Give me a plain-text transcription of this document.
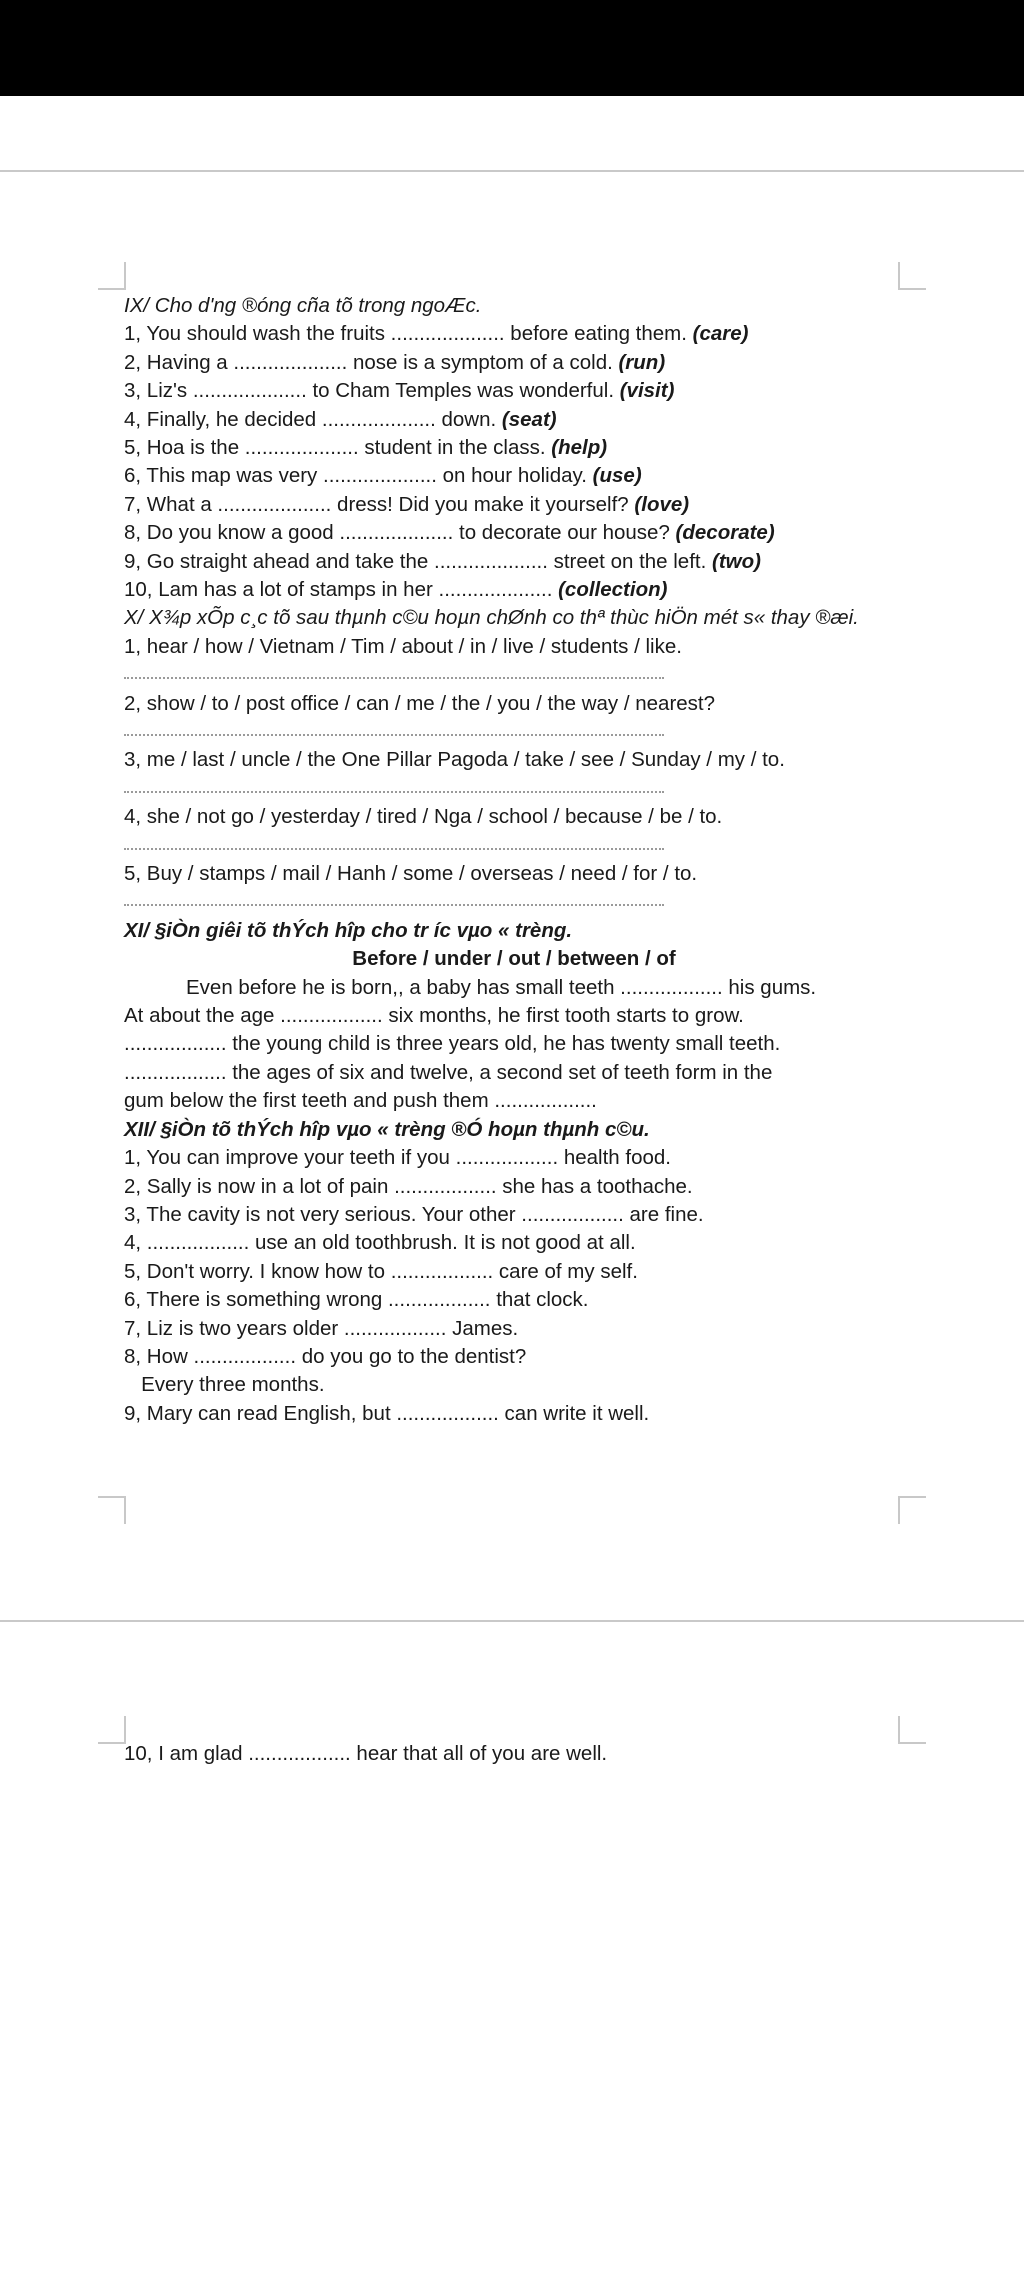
IX/ Cho d'ng ®óng cña tõ trong ngoÆc.
1, You should wash the fruits .................... before eating them. (care)
2, Having a .................... nose is a symptom of a cold. (run)
3, Liz's .................... to Cham Temples was wonderful. (visit)
4, Finally, he decided .................... down. (seat)
5, Hoa is the .................... student in the class. (help)
6, This map was very .................... on hour holiday. (use)
7, What a .................... dress! Did you make it yourself? (love)
8, Do you know a good .................... to decorate our house? (decorate)
9, Go straight ahead and take the .................... street on the left. (two)
10, Lam has a lot of stamps in her .................... (collection)
X/ X¾p xÕp c¸c tõ sau thµnh c©u hoµn chØnh co thª thùc hiÖn mét s« thay ®æi.
1, hear / how / Vietnam / Tim / about / in / live / students / like.
2, show / to / post office / can / me / the / you / the way / nearest?
3, me / last / uncle / the One Pillar Pagoda / take / see / Sunday / my / to.
4, she / not go / yesterday / tired / Nga / school / because / be / to.
5, Buy / stamps / mail / Hanh / some / overseas / need / for / to.
XI/ §iÒn giêi tõ thÝch hîp cho tr íc vµo « trèng.
Before / under / out / between / of
Even before he is born,, a baby has small teeth .................. his gums.
At about the age .................. six months, he first tooth starts to grow.
.................. the young child is three years old, he has twenty small teeth.
.................. the ages of six and twelve, a second set of teeth form in the
gum below the first teeth and push them ..................
XII/ §iÒn tõ thÝch hîp vµo « trèng ®Ó hoµn thµnh c©u.
1, You can improve your teeth if you .................. health food.
2, Sally is now in a lot of pain .................. she has a toothache.
3, The cavity is not very serious. Your other .................. are fine.
4, .................. use an old toothbrush. It is not good at all.
5, Don't worry. I know how to .................. care of my self.
6, There is something wrong .................. that clock.
7, Liz is two years older .................. James.
8, How .................. do you go to the dentist?
Every three months.
9, Mary can read English, but .................. can write it well.
10, I am glad .................. hear that all of you are well.
